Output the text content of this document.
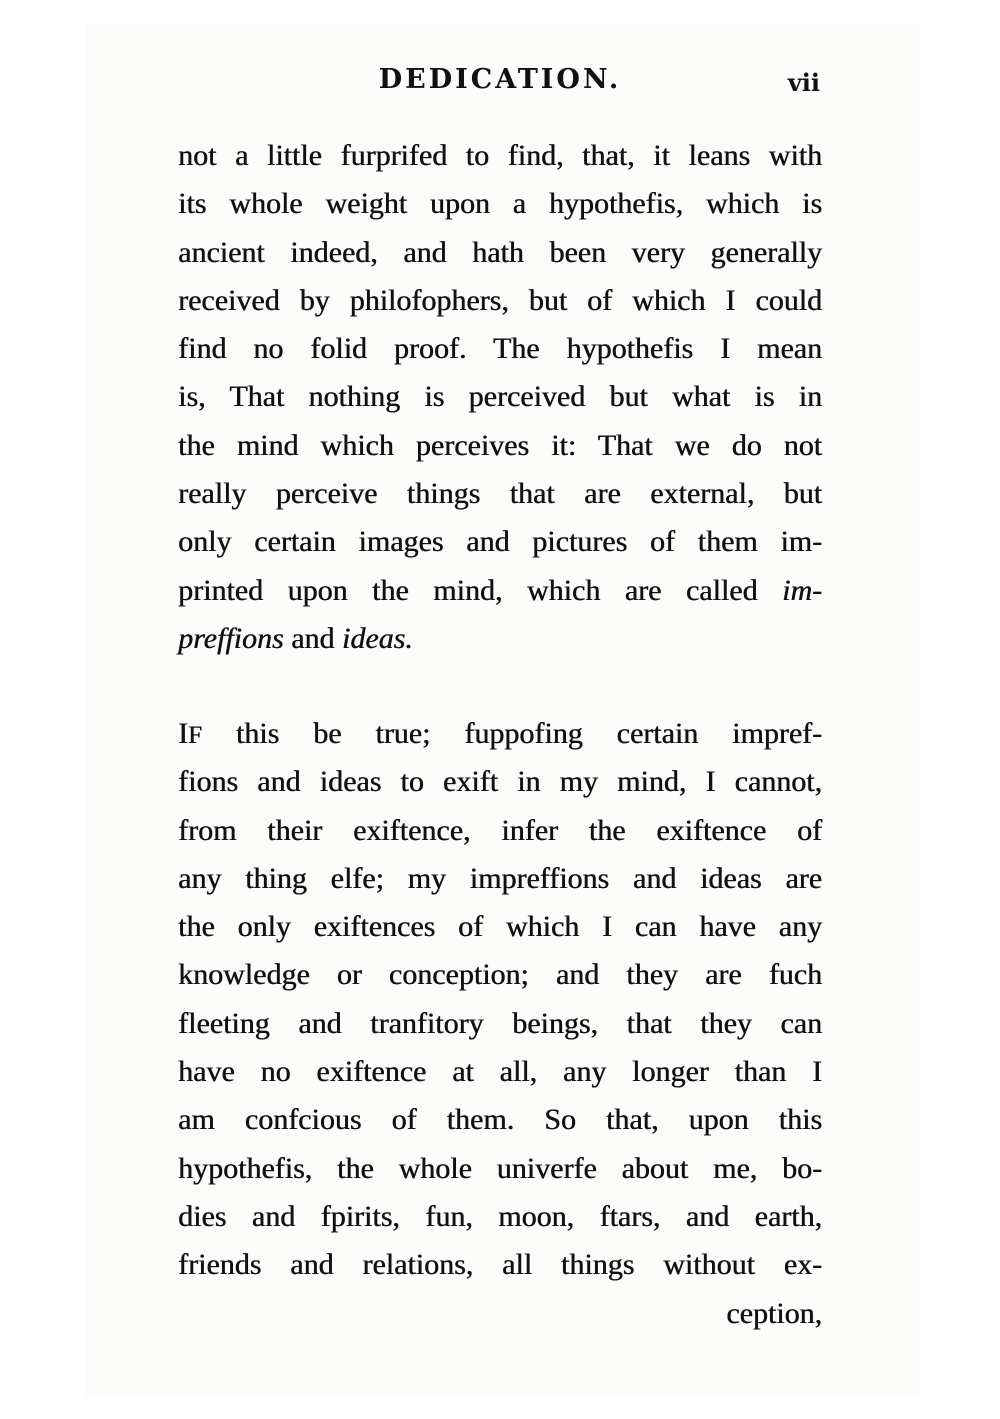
DEDICATION.	vii
not a little furprifed to find, that, it leans with
its whole weight upon a hypothefis, which is
ancient indeed, and hath been very generally
received by philofophers, but of which I could
find no folid proof. The hypothefis I mean
is, That nothing is perceived but what is in
the mind which perceives it: That we do not
really perceive things that are external, but
only certain images and pictures of them im-
printed upon the mind, which are called im-
preffions and ideas.
IF this be true; fuppofing certain impref-
fions and ideas to exift in my mind, I cannot,
from their exiftence, infer the exiftence of
any thing elfe; my impreffions and ideas are
the only exiftences of which I can have any
knowledge or conception; and they are fuch
fleeting and tranfitory beings, that they can
have no exiftence at all, any longer than I
am confcious of them. So that, upon this
hypothefis, the whole univerfe about me, bo-
dies and fpirits, fun, moon, ftars, and earth,
friends and relations, all things without ex-
ception,
